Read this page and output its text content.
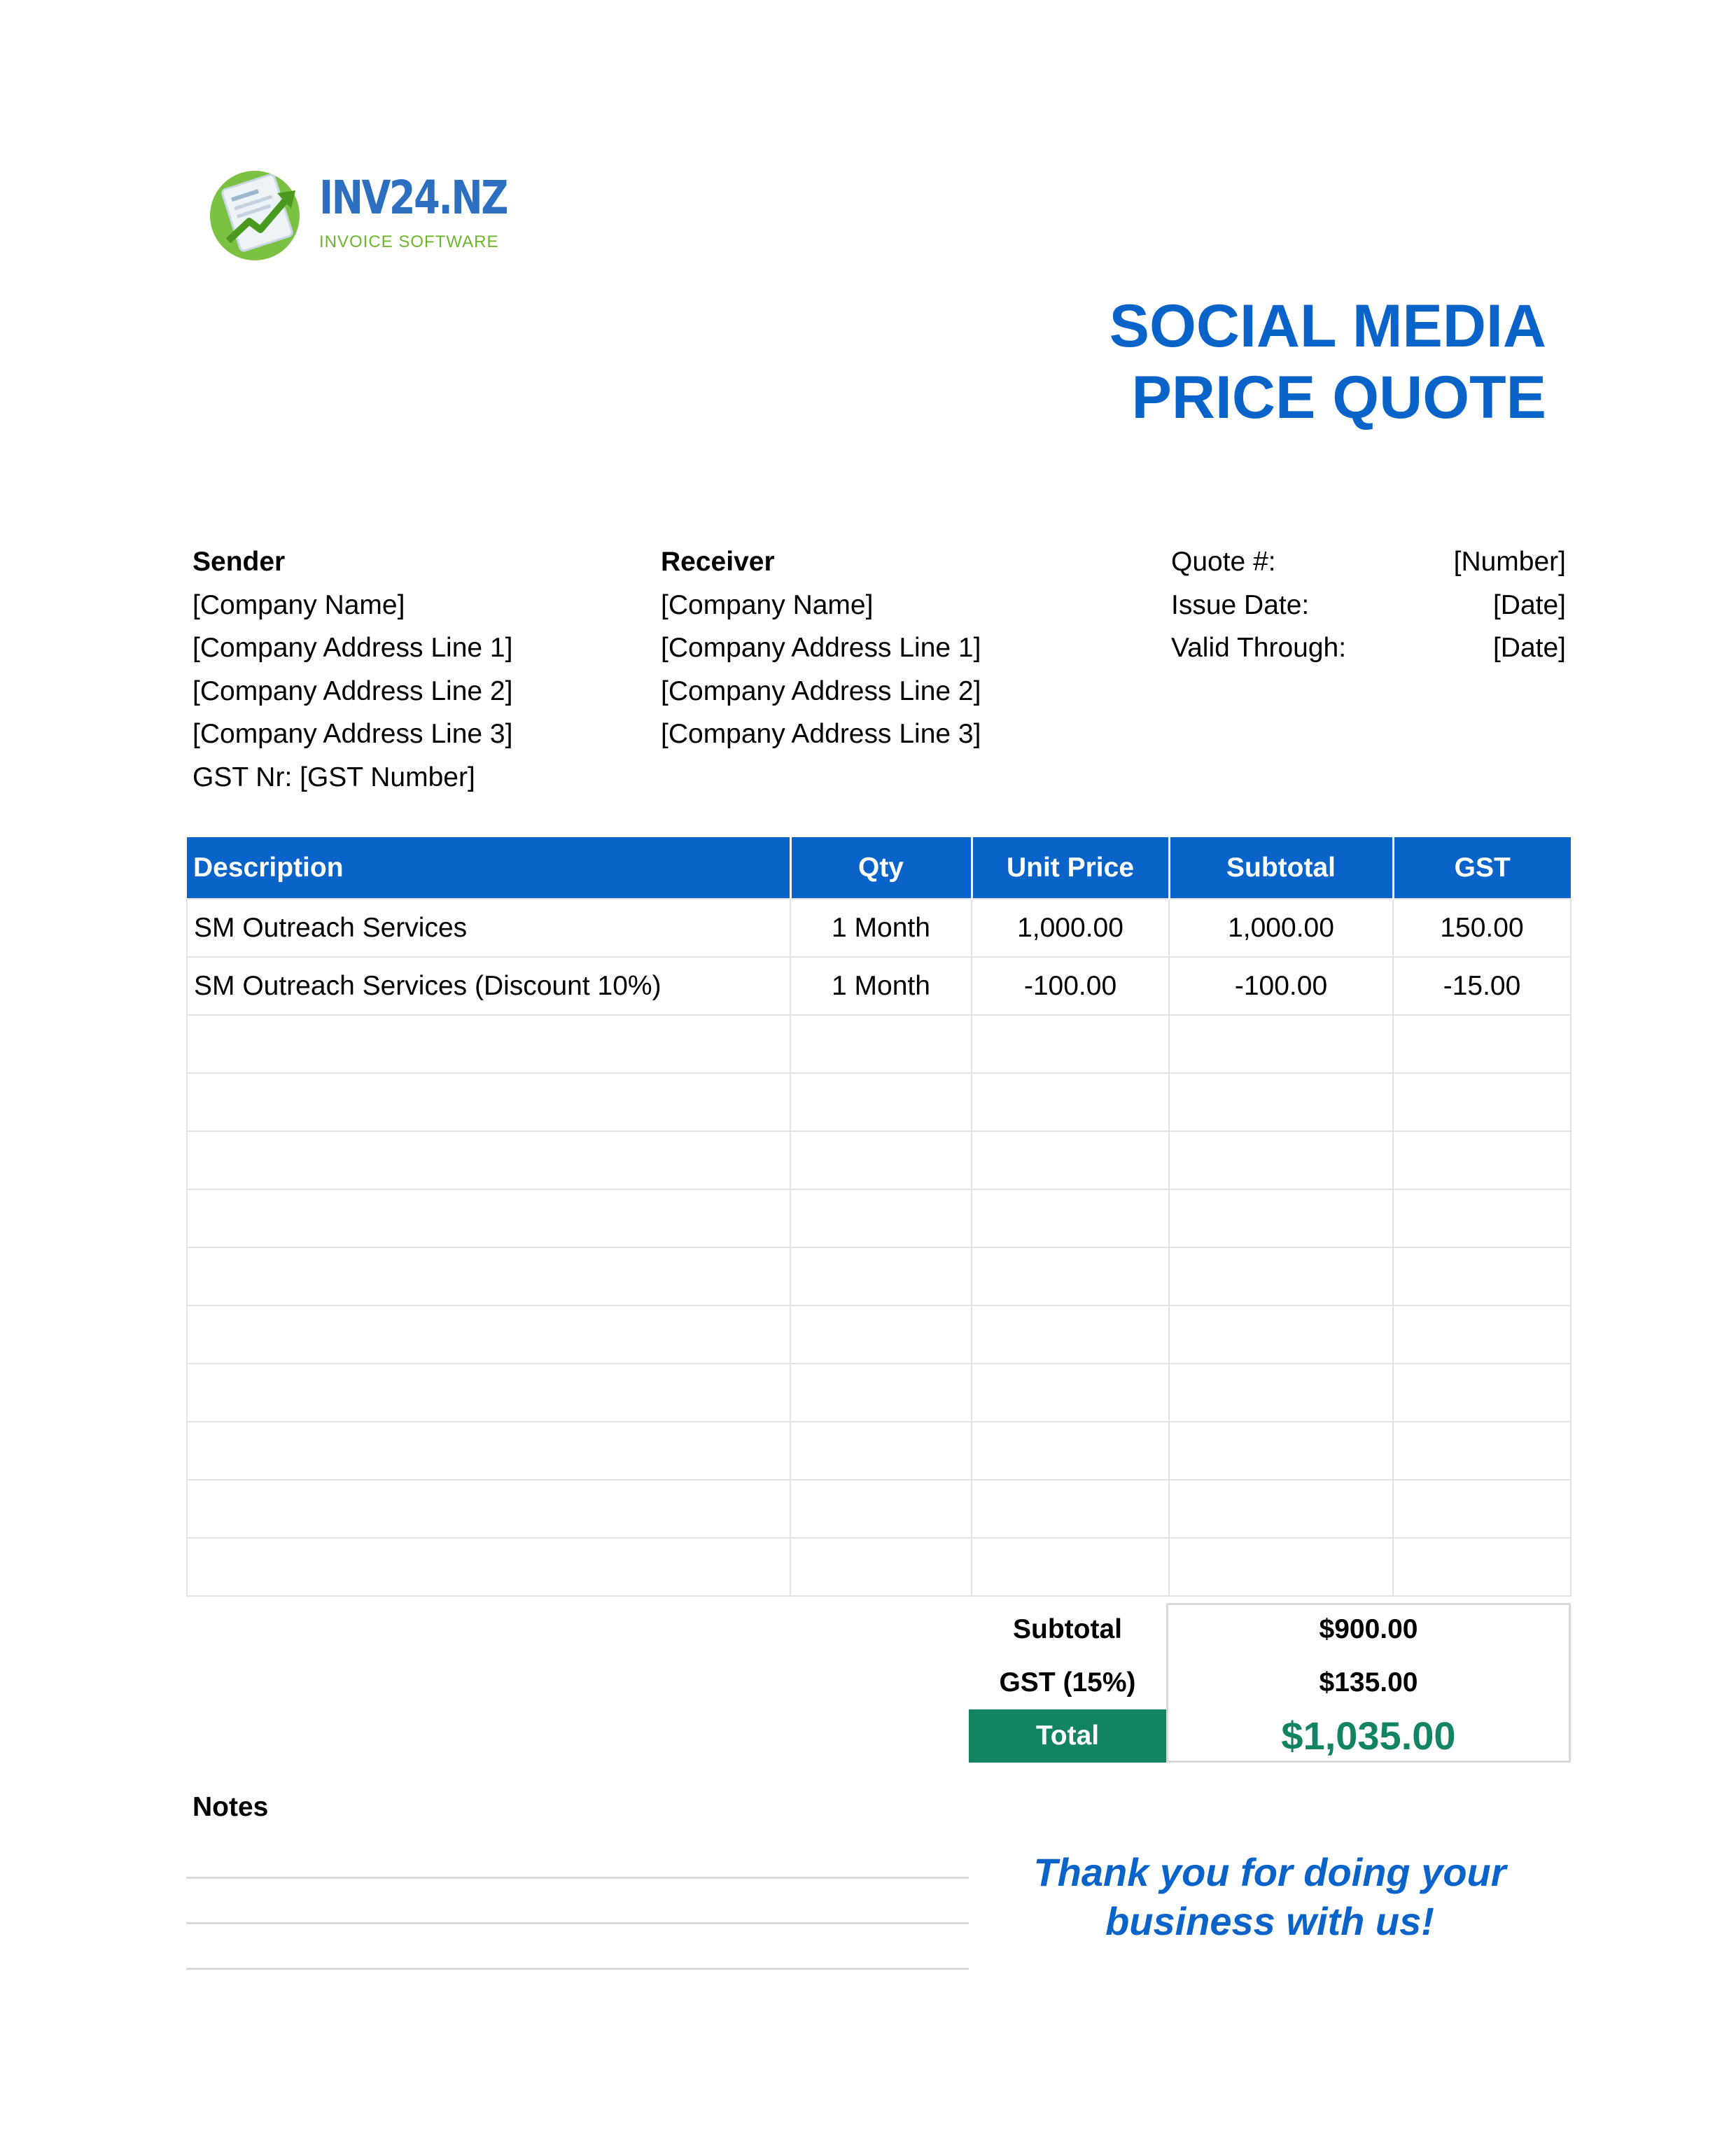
INV24.NZ
INVOICE SOFTWARE
SOCIAL MEDIA
PRICE QUOTE
Sender
[Company Name]
[Company Address Line 1]
[Company Address Line 2]
[Company Address Line 3]
GST Nr: [GST Number]
Receiver
[Company Name]
[Company Address Line 1]
[Company Address Line 2]
[Company Address Line 3]
Quote #:	[Number]
Issue Date:	[Date]
Valid Through:	[Date]
Description	Qty	Unit Price	Subtotal	GST
SM Outreach Services	1 Month	1,000.00	1,000.00	150.00
SM Outreach Services (Discount 10%)	1 Month	-100.00	-100.00	-15.00

Subtotal	$900.00
GST (15%)	$135.00
Total	$1,035.00
Notes
Thank you for doing your
business with us!
